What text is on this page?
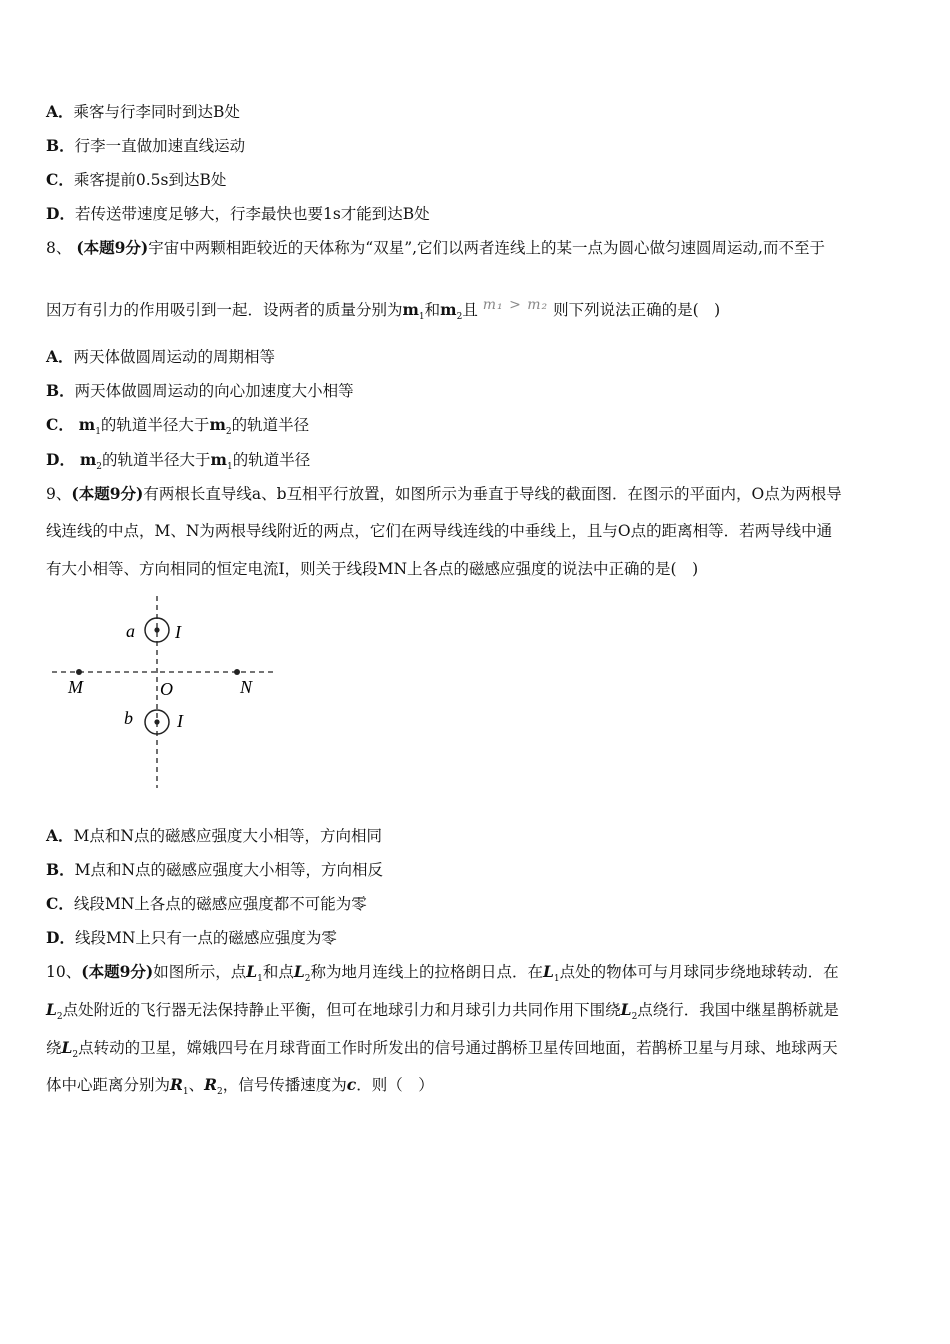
A．乘客与行李同时到达B处
B．行李一直做加速直线运动
C．乘客提前0.5s到达B处
D．若传送带速度足够大，行李最快也要1s才能到达B处
8、 (本题9分)宇宙中两颗相距较近的天体称为“双星”,它们以两者连线上的某一点为圆心做匀速圆周运动,而不至于
因万有引力的作用吸引到一起．设两者的质量分别为$m_1$和$m_2$且 m₁ > m₂ 则下列说法正确的是(　)
A．两天体做圆周运动的周期相等
B．两天体做圆周运动的向心加速度大小相等
C． $m_1$的轨道半径大于$m_2$的轨道半径
D． $m_2$的轨道半径大于$m_1$的轨道半径
9、(本题9分)有两根长直导线a、b互相平行放置，如图所示为垂直于导线的截面图．在图示的平面内，O点为两根导
线连线的中点，M、N为两根导线附近的两点，它们在两导线连线的中垂线上，且与O点的距离相等．若两导线中通
有大小相等、方向相同的恒定电流I，则关于线段MN上各点的磁感应强度的说法中正确的是(　)
a I
b I
M	O	N
A．M点和N点的磁感应强度大小相等，方向相同
B．M点和N点的磁感应强度大小相等，方向相反
C．线段MN上各点的磁感应强度都不可能为零
D．线段MN上只有一点的磁感应强度为零
10、(本题9分)如图所示，点$L_1$和点$L_2$称为地月连线上的拉格朗日点．在$L_1$点处的物体可与月球同步绕地球转动．在
$L_2$点处附近的飞行器无法保持静止平衡，但可在地球引力和月球引力共同作用下围绕$L_2$点绕行．我国中继星鹊桥就是
绕$L_2$点转动的卫星，嫦娥四号在月球背面工作时所发出的信号通过鹊桥卫星传回地面，若鹊桥卫星与月球、地球两天
体中心距离分别为$R_1$、$R_2$，信号传播速度为c．则（　）
